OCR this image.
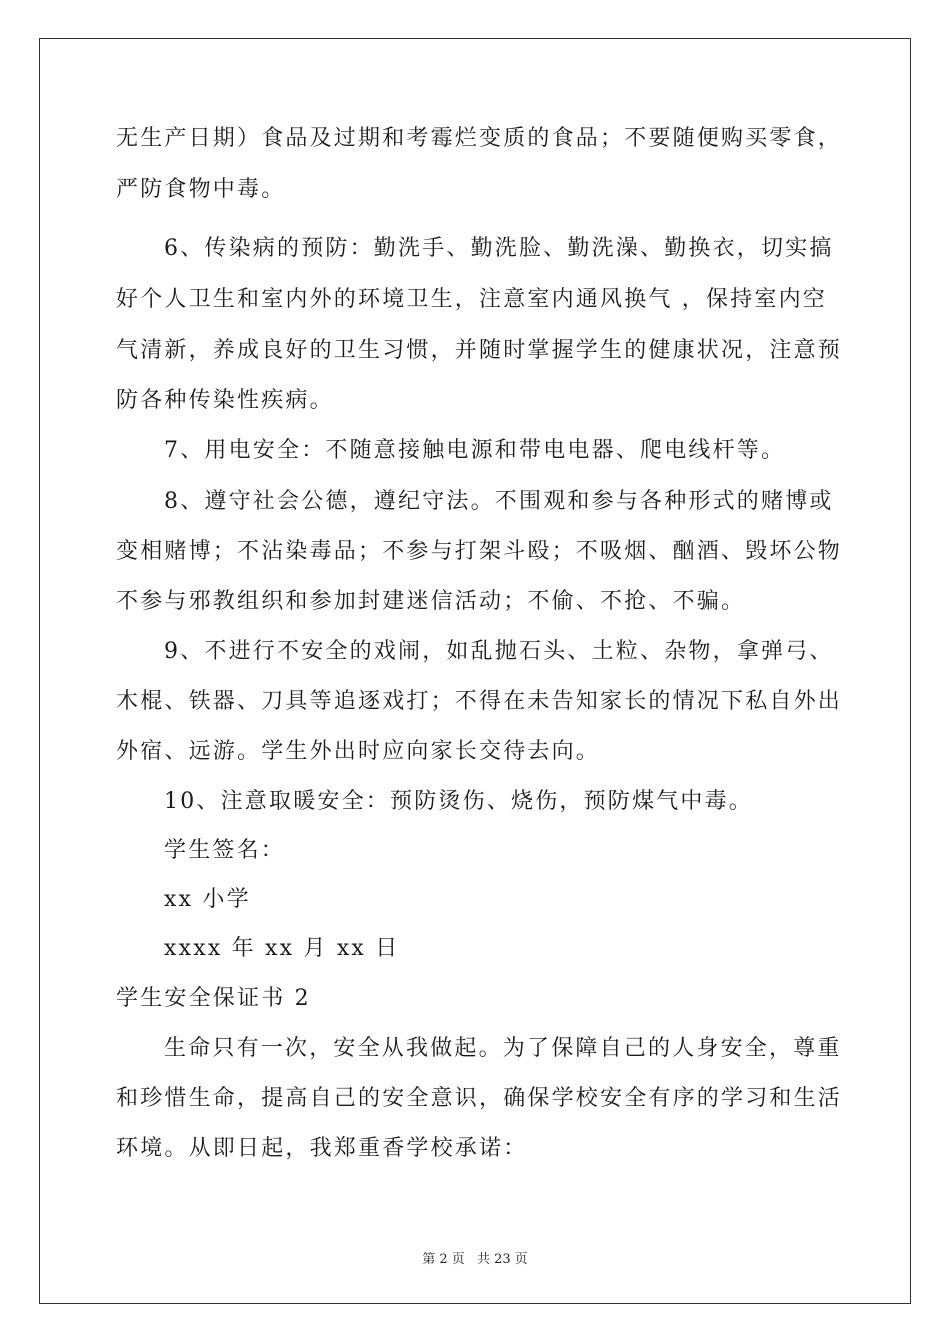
无生产日期）食品及过期和考霉烂变质的食品；不要随便购买零食，
严防食物中毒。
6、传染病的预防：勤洗手、勤洗脸、勤洗澡、勤换衣，切实搞
好个人卫生和室内外的环境卫生，注意室内通风换气 ，保持室内空
气清新，养成良好的卫生习惯，并随时掌握学生的健康状况，注意预
防各种传染性疾病。
7、用电安全：不随意接触电源和带电电器、爬电线杆等。
8、遵守社会公德，遵纪守法。不围观和参与各种形式的赌博或
变相赌博；不沾染毒品；不参与打架斗殴；不吸烟、酗酒、毁坏公物
不参与邪教组织和参加封建迷信活动；不偷、不抢、不骗。
9、不进行不安全的戏闹，如乱抛石头、土粒、杂物，拿弹弓、
木棍、铁器、刀具等追逐戏打；不得在未告知家长的情况下私自外出
外宿、远游。学生外出时应向家长交待去向。
10、注意取暖安全：预防烫伤、烧伤，预防煤气中毒。
学生签名：
xx 小学
xxxx 年 xx 月 xx 日
学生安全保证书 2
生命只有一次，安全从我做起。为了保障自己的人身安全，尊重
和珍惜生命，提高自己的安全意识，确保学校安全有序的学习和生活
环境。从即日起，我郑重香学校承诺：
第 2 页 共 23 页
